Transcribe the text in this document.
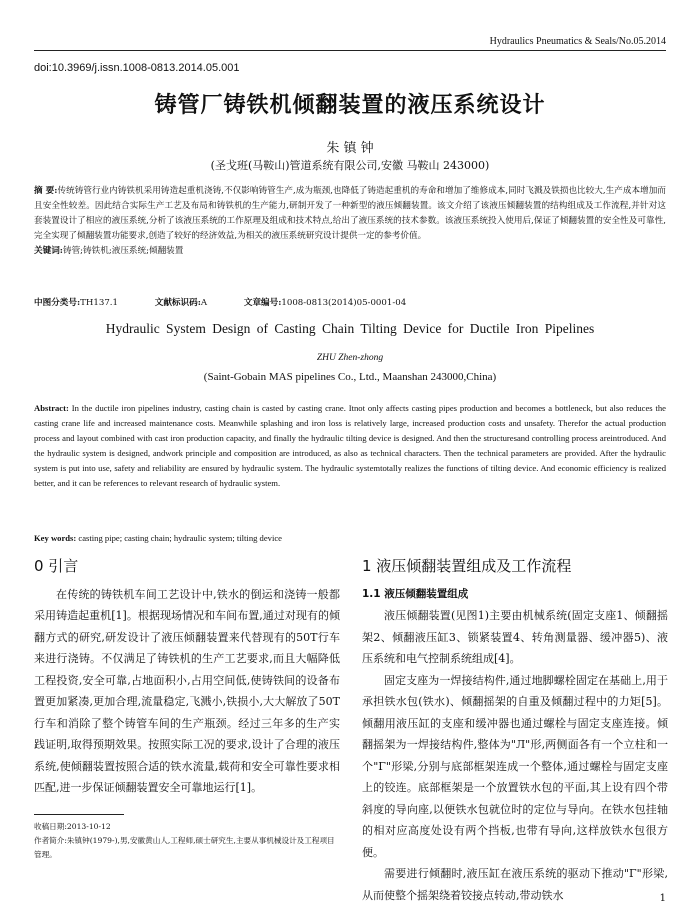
Hydraulics Pneumatics & Seals/No.05.2014
doi:10.3969/j.issn.1008-0813.2014.05.001
铸管厂铸铁机倾翻装置的液压系统设计
朱 镇 钟
(圣戈班(马鞍山)管道系统有限公司,安徽 马鞍山 243000)
摘 要:传统铸管行业内铸铁机采用铸造起重机浇铸,不仅影响铸管生产,成为瓶颈,也降低了铸造起重机的寿命和增加了维修成本,同时飞溅及铁损也比较大,生产成本增加而且安全性较差。因此结合实际生产工艺及布局和铸铁机的生产能力,研制开发了一种新型的液压倾翻装置。该文介绍了该液压倾翻装置的结构组成及工作流程,并针对这套装置设计了相应的液压系统,分析了该液压系统的工作原理及组成和技术特点,给出了液压系统的技术参数。该液压系统投入使用后,保证了倾翻装置的安全性及可靠性,完全实现了倾翻装置功能要求,创造了较好的经济效益,为相关的液压系统研究设计提供一定的参考价值。
关键词:铸管;铸铁机;液压系统;倾翻装置
中图分类号:TH137.1	文献标识码:A	文章编号:1008-0813(2014)05-0001-04
Hydraulic System Design of Casting Chain Tilting Device for Ductile Iron Pipelines
ZHU Zhen-zhong
(Saint-Gobain MAS pipelines Co., Ltd., Maanshan 243000,China)
Abstract: In the ductile iron pipelines industry, casting chain is casted by casting crane. Itnot only affects casting pipes production and becomes a bottleneck, but also reduces the casting crane life and increased maintenance costs. Meanwhile splashing and iron loss is relatively large, increased production costs and unsafety. Therefor the actual production process and layout combined with cast iron production capacity, and finally the hydraulic tilting device is designed. And then the structuresand controlling process areintroduced. And the hydraulic system is designed, andwork principle and composition are introduced, as also as technical characters. Then the technical parameters are provided. After the hydraulic system is put into use, safety and reliability are ensured by hydraulic system. The hydraulic systemtotally realizes the functions of tilting device. And economic efficiency is realized better, and it can be references to relevant research of hydraulic system.
Key words: casting pipe; casting chain; hydraulic system; tilting device
0 引言

在传统的铸铁机车间工艺设计中,铁水的倒运和浇铸一般都采用铸造起重机[1]。根据现场情况和车间布置,通过对现有的倾翻方式的研究,研发设计了液压倾翻装置来代替现有的50T行车来进行浇铸。不仅满足了铸铁机的生产工艺要求,而且大幅降低工程投资,安全可靠,占地面积小,占用空间低,使铸铁间的设备布置更加紧凑,更加合理,流量稳定,飞溅小,铁损小,大大解放了50T行车和消除了整个铸管车间的生产瓶颈。经过三年多的生产实践证明,取得预期效果。按照实际工况的要求,设计了合理的液压系统,使倾翻装置按照合适的铁水流量,载荷和安全可靠性要求相匹配,进一步保证倾翻装置安全可靠地运行[1]。

1 液压倾翻装置组成及工作流程
1.1 液压倾翻装置组成

液压倾翻装置(见图1)主要由机械系统(固定支座1、倾翻摇架2、倾翻液压缸3、锁紧装置4、转角测量器、缓冲器5)、液压系统和电气控制系统组成[4]。

固定支座为一焊接结构件,通过地脚螺栓固定在基础上,用于承担铁水包(铁水)、倾翻摇架的自重及倾翻过程中的力矩[5]。倾翻用液压缸的支座和缓冲器也通过螺栓与固定支座连接。倾翻摇架为一焊接结构件,整体为"Л"形,两侧面各有一个立柱和一个"Γ"形梁,分别与底部框架连成一个整体,通过螺栓与固定支座上的铰连。底部框架是一个放置铁水包的平面,其上设有四个带斜度的导向座,以便铁水包就位时的定位与导向。在铁水包挂轴的相对应高度处设有两个挡板,也带有导向,这样放铁水包很方便。

需要进行倾翻时,液压缸在液压系统的驱动下推动"Γ"形梁,从而使整个摇架绕着铰接点转动,带动铁水

收稿日期:2013-10-12
作者简介:朱镇钟(1979-),男,安徽黄山人,工程师,硕士研究生,主要从事机械设计及工程项目管理。
1
